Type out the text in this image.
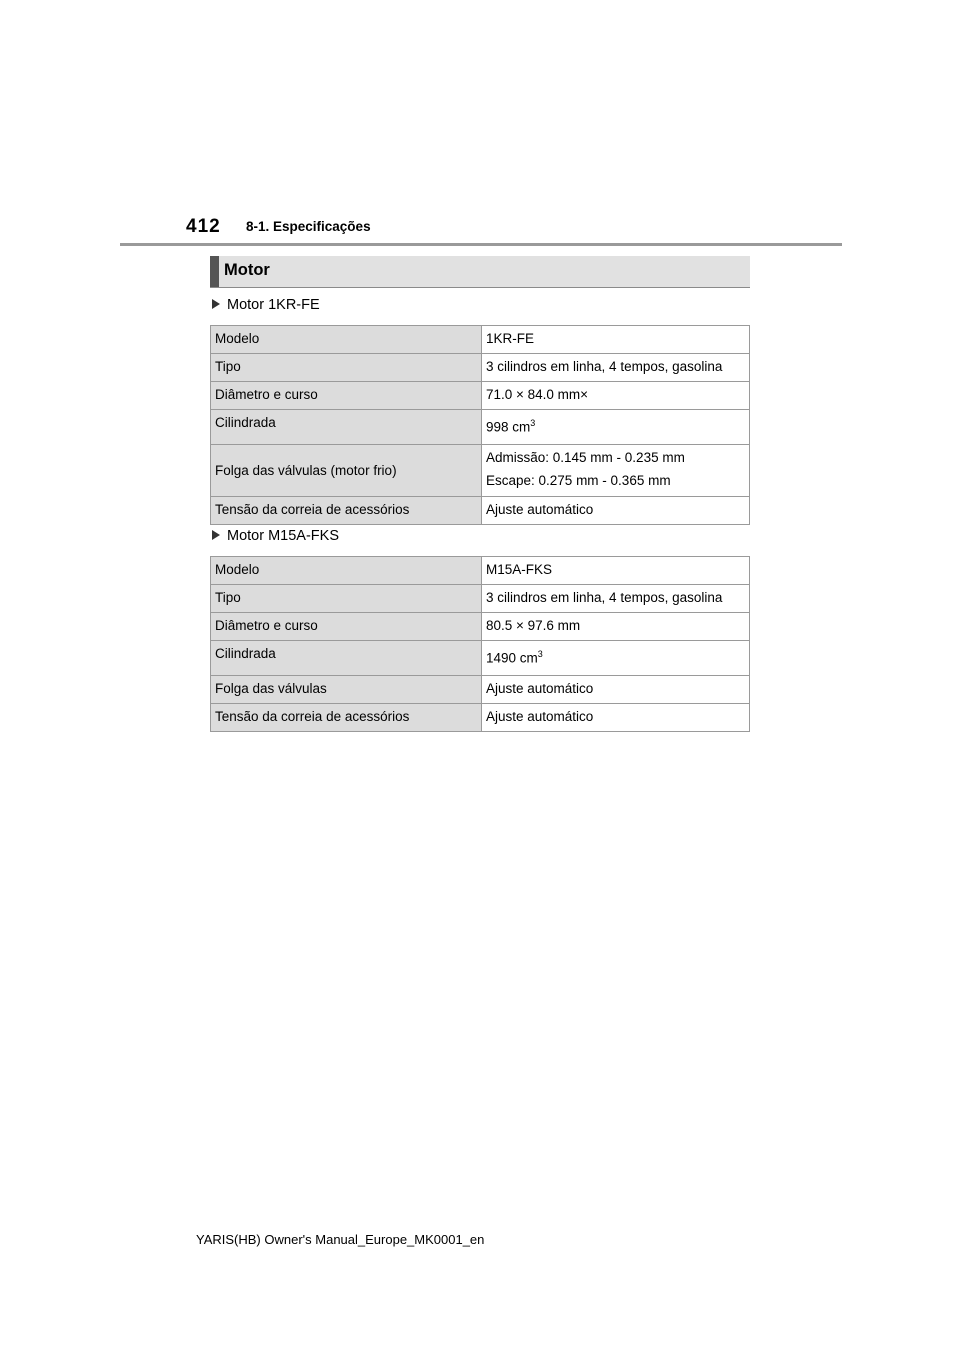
412 8-1. Especificações
Motor
Motor 1KR-FE
Modelo	1KR-FE
Tipo	3 cilindros em linha, 4 tempos, gasolina
Diâmetro e curso	71.0 × 84.0 mm×
Cilindrada	998 $cm^3$
Folga das válvulas (motor frio)	Admissão: 0.145 mm - 0.235 mm
Escape: 0.275 mm - 0.365 mm

Tensão da correia de acessórios	Ajuste automático
Motor M15A-FKS
Modelo	M15A-FKS
Tipo	3 cilindros em linha, 4 tempos, gasolina
Diâmetro e curso	80.5 × 97.6 mm
Cilindrada	1490 $cm^3$
Folga das válvulas	Ajuste automático
Tensão da correia de acessórios	Ajuste automático
YARIS(HB) Owner's Manual_Europe_MK0001_en
